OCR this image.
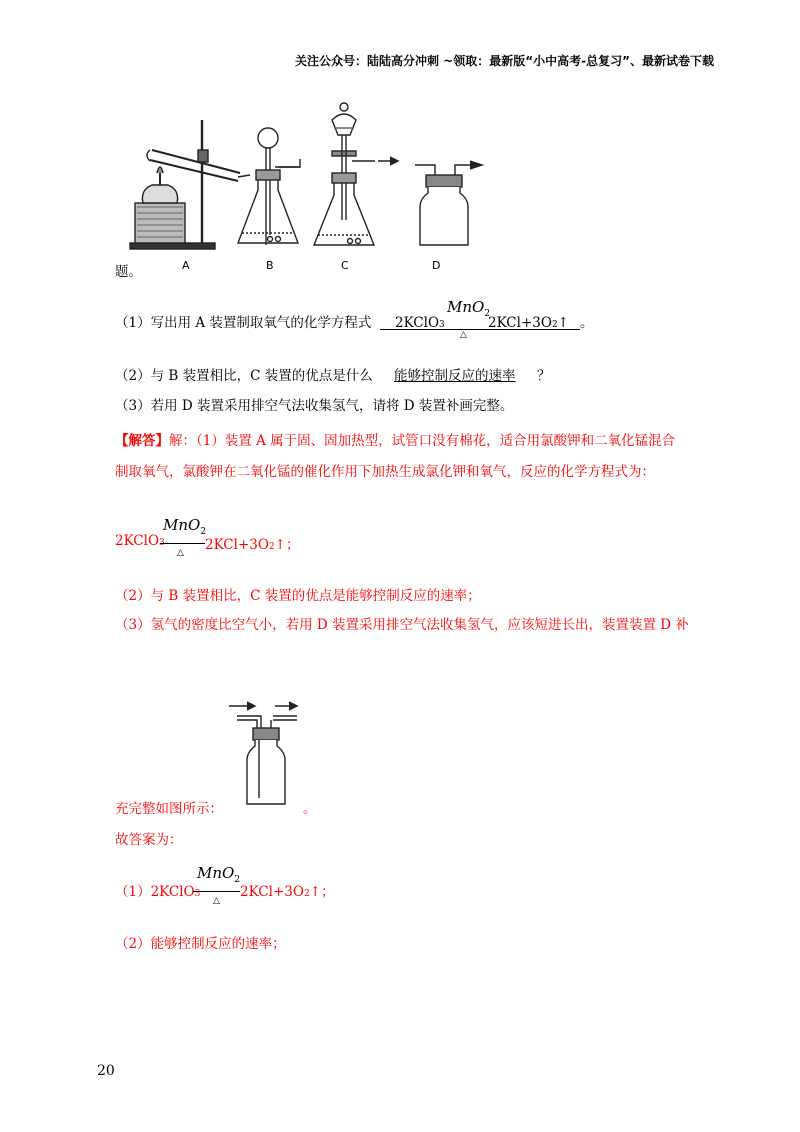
关注公众号：陆陆高分冲刺 ~领取：最新版“小中高考-总复习”、最新试卷下载
题。	A	B	C	D
（1）写出用 A 装置制取氧气的化学方程式 2KClO3
MnO$_2$
△
2KCl+3O2↑ 。
（2）与 B 装置相比，C 装置的优点是什么	能够控制反应的速率	？
（3）若用 D 装置采用排空气法收集氢气，请将 D 装置补画完整。
【解答】解：（1）装置 A 属于固、固加热型，试管口没有棉花，适合用氯酸钾和二氧化锰混合
制取氧气，氯酸钾在二氧化锰的催化作用下加热生成氯化钾和氧气，反应的化学方程式为：
2KClO3
MnO$_2$
△ 2KCl+3O2↑；
（2）与 B 装置相比，C 装置的优点是能够控制反应的速率；
（3）氢气的密度比空气小，若用 D 装置采用排空气法收集氢气，应该短进长出，装置装置 D 补
充完整如图所示：	。
故答案为：
（1）2KClO3
MnO$_2$
△
2KCl+3O2↑；
（2）能够控制反应的速率；
20
